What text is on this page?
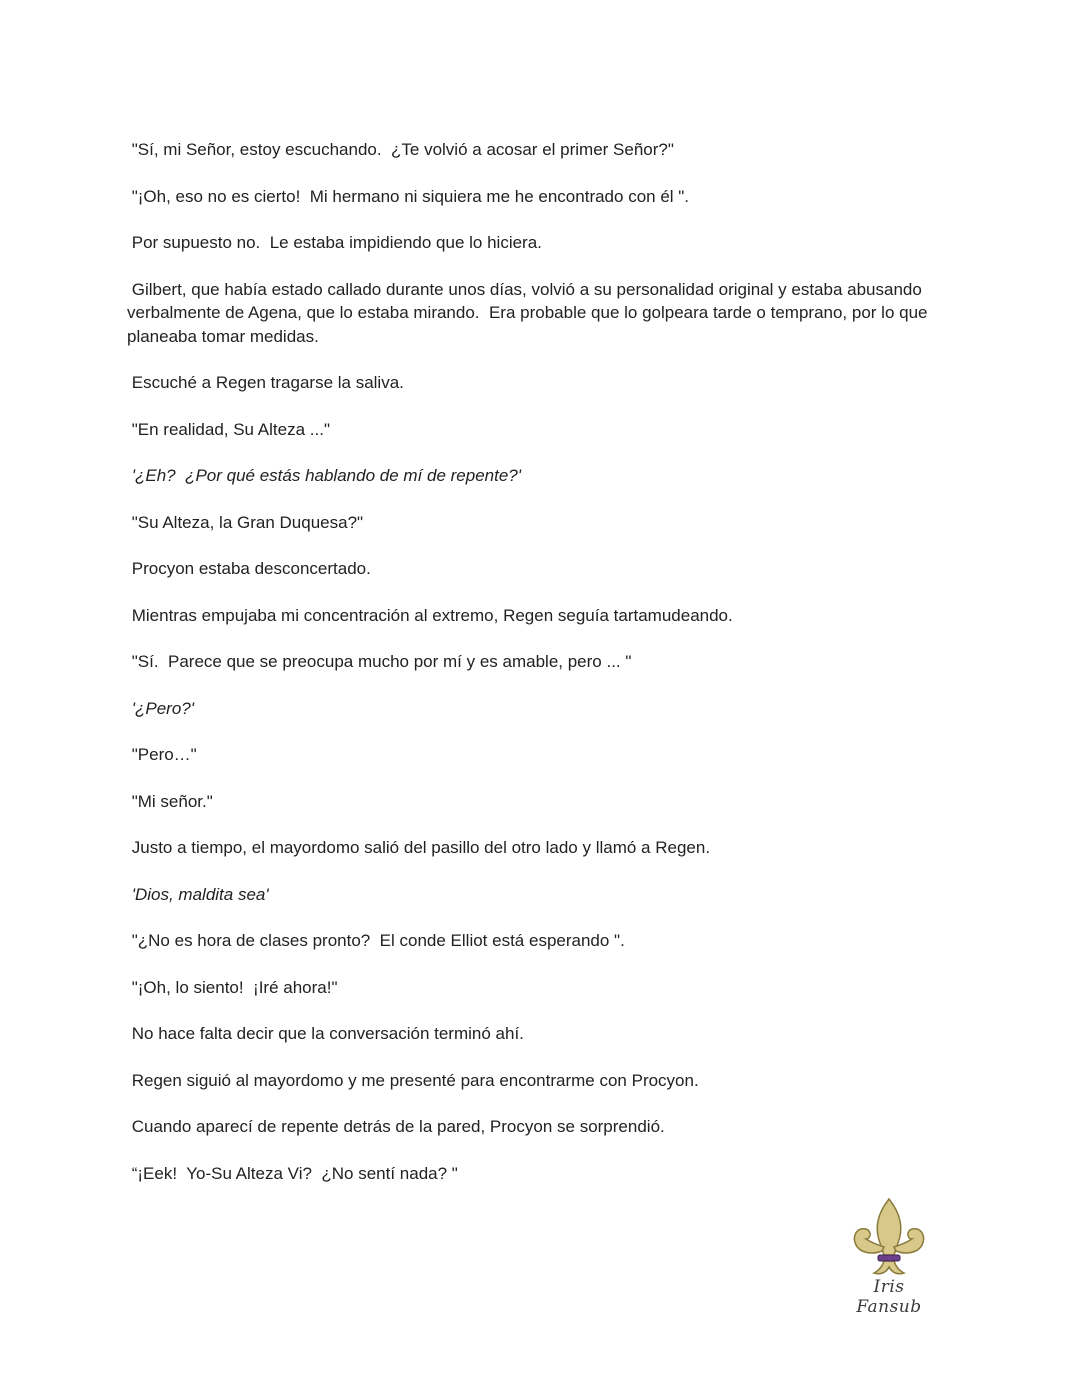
"Sí, mi Señor, estoy escuchando.  ¿Te volvió a acosar el primer Señor?"

"¡Oh, eso no es cierto!  Mi hermano ni siquiera me he encontrado con él ".

Por supuesto no.  Le estaba impidiendo que lo hiciera.

Gilbert, que había estado callado durante unos días, volvió a su personalidad original y estaba abusando verbalmente de Agena, que lo estaba mirando.  Era probable que lo golpeara tarde o temprano, por lo que planeaba tomar medidas.

Escuché a Regen tragarse la saliva.

"En realidad, Su Alteza ..."

'¿Eh?  ¿Por qué estás hablando de mí de repente?'

"Su Alteza, la Gran Duquesa?"

Procyon estaba desconcertado.

Mientras empujaba mi concentración al extremo, Regen seguía tartamudeando.

"Sí.  Parece que se preocupa mucho por mí y es amable, pero ... "

'¿Pero?'

"Pero…"

"Mi señor."

Justo a tiempo, el mayordomo salió del pasillo del otro lado y llamó a Regen.

'Dios, maldita sea'

"¿No es hora de clases pronto?  El conde Elliot está esperando ".

"¡Oh, lo siento!  ¡Iré ahora!"

No hace falta decir que la conversación terminó ahí.

Regen siguió al mayordomo y me presenté para encontrarme con Procyon.

Cuando aparecí de repente detrás de la pared, Procyon se sorprendió.

“¡Eek!  Yo-Su Alteza Vi?  ¿No sentí nada? "

Iris Fansub
